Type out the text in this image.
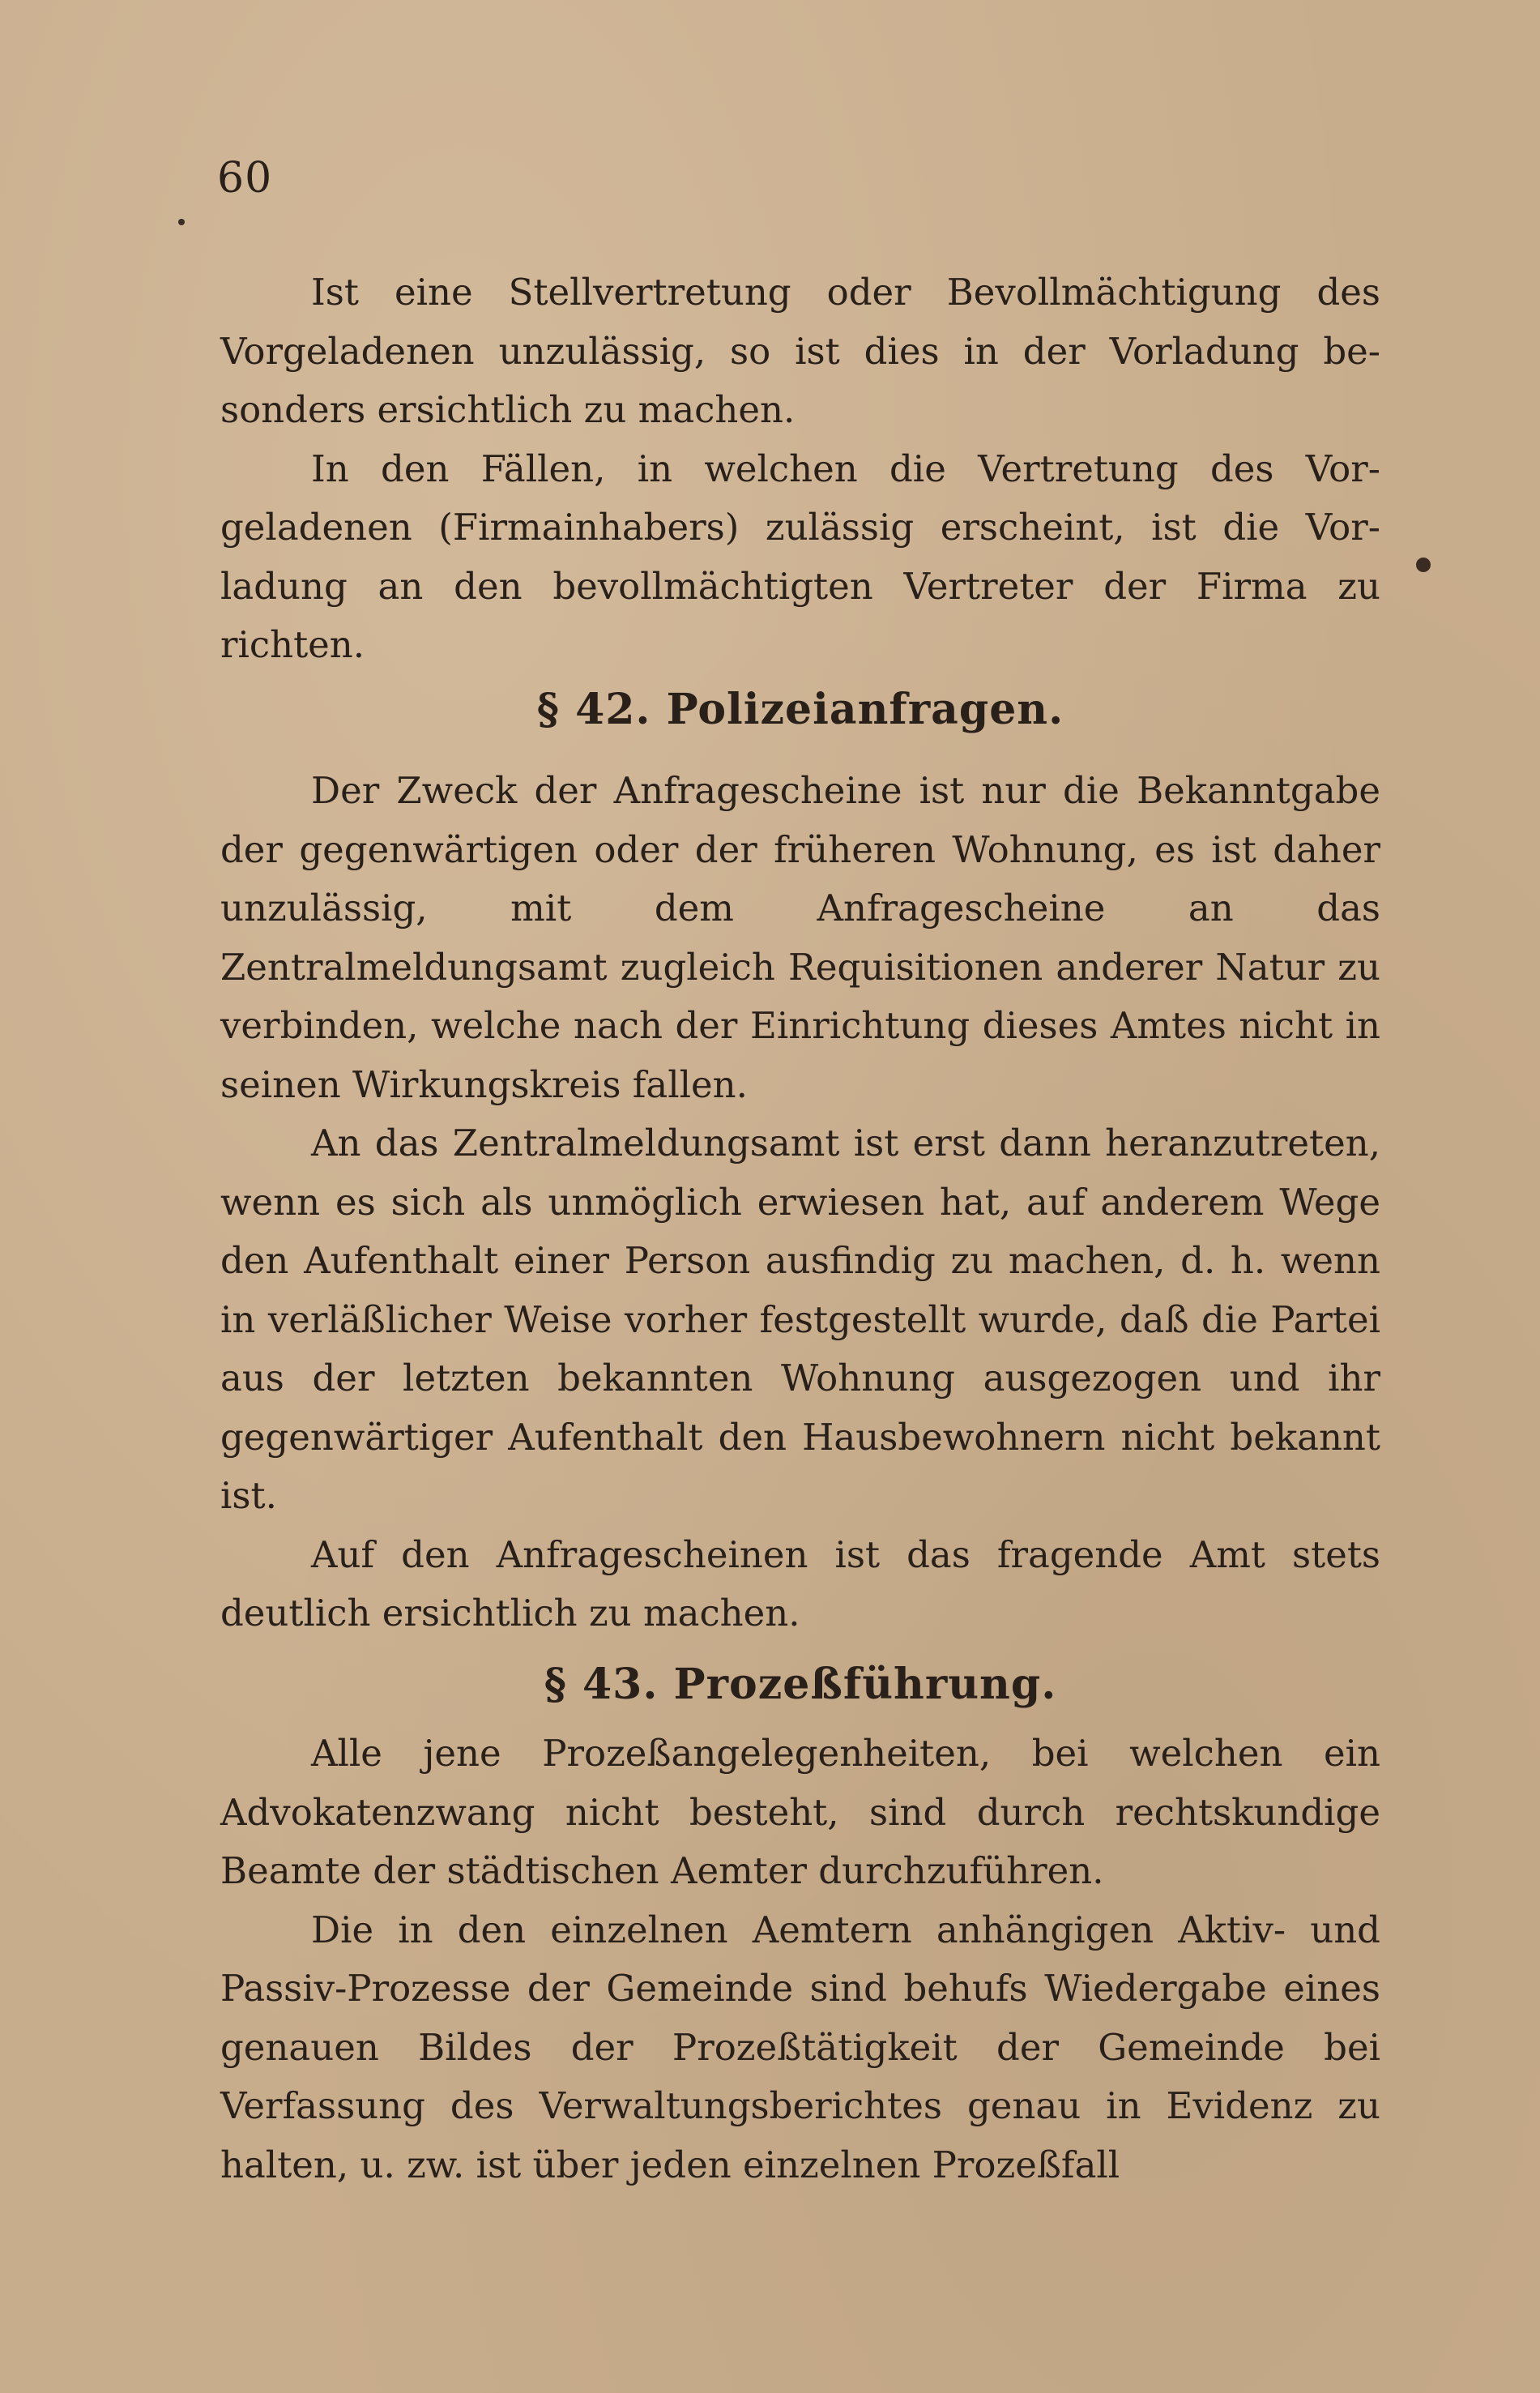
60

Ist eine Stellvertretung oder Bevollmächtigung des Vorgeladenen unzulässig, so ist dies in der Vorladung besonders ersichtlich zu machen.

In den Fällen, in welchen die Vertretung des Vorgeladenen (Firmainhabers) zulässig erscheint, ist die Vorladung an den bevollmächtigten Vertreter der Firma zu richten.

§ 42. Polizeianfragen.

Der Zweck der Anfragescheine ist nur die Bekanntgabe der gegenwärtigen oder der früheren Wohnung, es ist daher unzulässig, mit dem Anfragescheine an das Zentralmeldungsamt zugleich Requisitionen anderer Natur zu verbinden, welche nach der Einrichtung dieses Amtes nicht in seinen Wirkungskreis fallen.

An das Zentralmeldungsamt ist erst dann heranzutreten, wenn es sich als unmöglich erwiesen hat, auf anderem Wege den Aufenthalt einer Person ausfindig zu machen, d. h. wenn in verläßlicher Weise vorher festgestellt wurde, daß die Partei aus der letzten bekannten Wohnung ausgezogen und ihr gegenwärtiger Aufenthalt den Hausbewohnern nicht bekannt ist.

Auf den Anfragescheinen ist das fragende Amt stets deutlich ersichtlich zu machen.

§ 43. Prozeßführung.

Alle jene Prozeßangelegenheiten, bei welchen ein Advokatenzwang nicht besteht, sind durch rechtskundige Beamte der städtischen Aemter durchzuführen.

Die in den einzelnen Aemtern anhängigen Aktiv- und Passiv-Prozesse der Gemeinde sind behufs Wiedergabe eines genauen Bildes der Prozeßtätigkeit der Gemeinde bei Verfassung des Verwaltungsberichtes genau in Evidenz zu halten, u. zw. ist über jeden einzelnen Prozeßfall
